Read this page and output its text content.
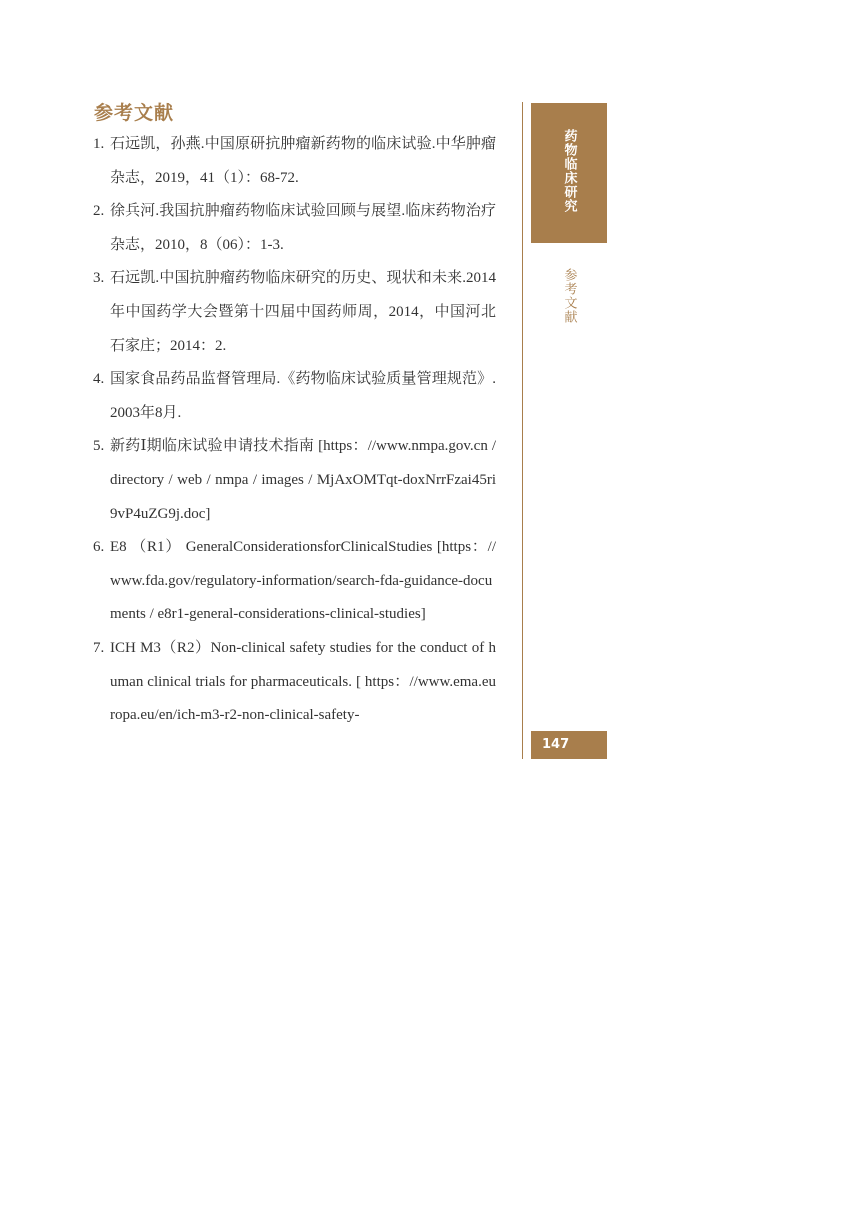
参考文献
1. 石远凯，孙燕.中国原研抗肿瘤新药物的临床试验.中华肿瘤杂志，2019，41（1）：68-72.
2. 徐兵河.我国抗肿瘤药物临床试验回顾与展望.临床药物治疗杂志，2010，8（06）：1-3.
3. 石远凯.中国抗肿瘤药物临床研究的历史、现状和未来.2014年中国药学大会暨第十四届中国药师周，2014，中国河北石家庄；2014：2.
4. 国家食品药品监督管理局.《药物临床试验质量管理规范》.2003年8月.
5. 新药Ⅰ期临床试验申请技术指南 [https：//www.nmpa.gov.cn / directory / web / nmpa / images / MjAxOMTqt-doxNrrFzai45ri9vP4uZG9j.doc]
6. E8 （R1） GeneralConsiderationsforClinicalStudies [https：//www.fda.gov/regulatory-information/search-fda-guidance-documents / e8r1-general-considerations-clinical-studies]
7. ICH M3（R2）Non-clinical safety studies for the conduct of human clinical trials for pharmaceuticals. [ https：//www.ema.europa.eu/en/ich-m3-r2-non-clinical-safety-
药物临床研究
参考文献
147
